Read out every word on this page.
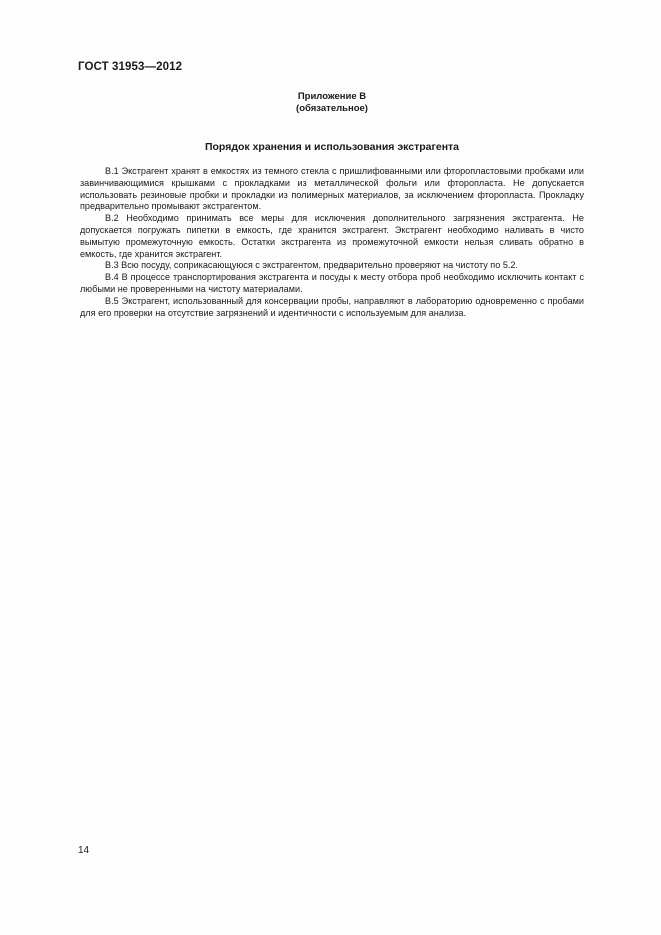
ГОСТ 31953—2012
Приложение В
(обязательное)
Порядок хранения и использования экстрагента

В.1 Экстрагент хранят в емкостях из темного стекла с пришлифованными или фторопластовыми пробками или завинчивающимися крышками с прокладками из металлической фольги или фторопласта. Не допускается использовать резиновые пробки и прокладки из полимерных материалов, за исключением фторопласта. Прокладку предварительно промывают экстрагентом.

В.2 Необходимо принимать все меры для исключения дополнительного загрязнения экстрагента. Не допускается погружать пипетки в емкость, где хранится экстрагент. Экстрагент необходимо наливать в чисто вымытую промежуточную емкость. Остатки экстрагента из промежуточной емкости нельзя сливать обратно в емкость, где хранится экстрагент.

В.3 Всю посуду, соприкасающуюся с экстрагентом, предварительно проверяют на чистоту по 5.2.

В.4 В процессе транспортирования экстрагента и посуды к месту отбора проб необходимо исключить контакт с любыми не проверенными на чистоту материалами.

В.5 Экстрагент, использованный для консервации пробы, направляют в лабораторию одновременно с пробами для его проверки на отсутствие загрязнений и идентичности с используемым для анализа.

14
